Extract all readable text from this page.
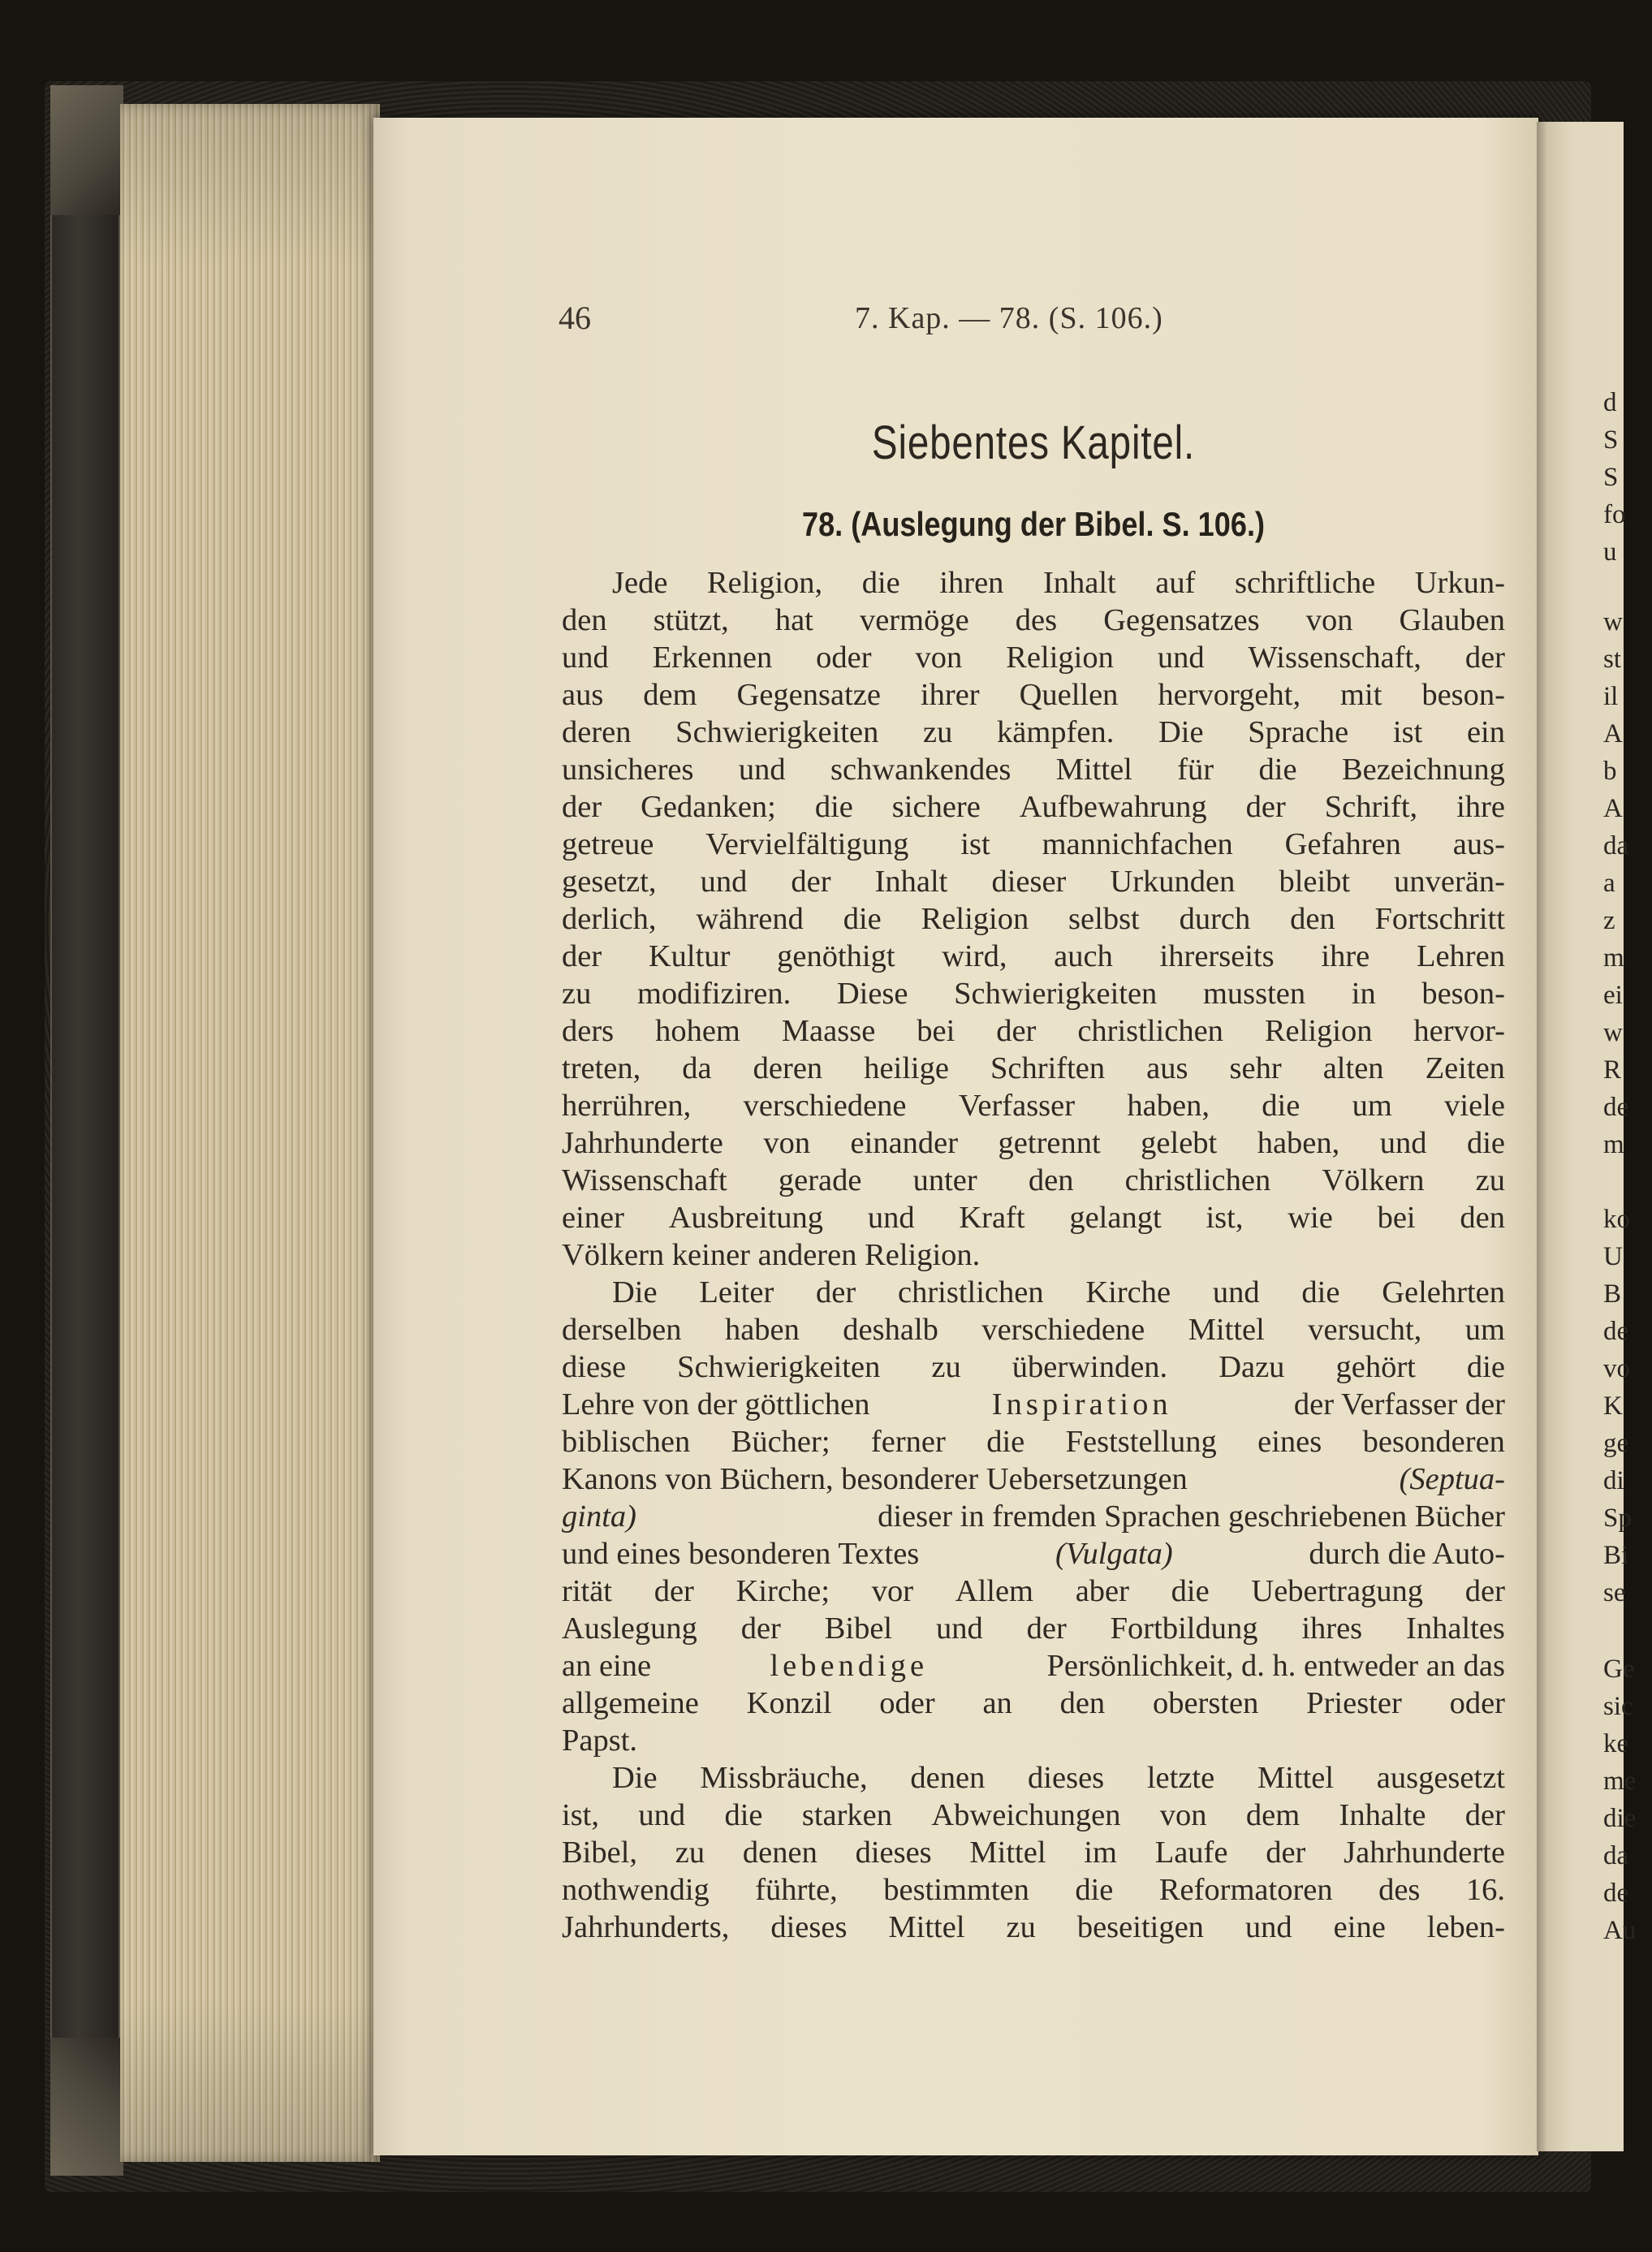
d
S
S
fo
u
w
st
il
A
b
A
da
a
z
m
ei
w
R
de
m
ko
U
B
de
vo
K
ge
di
Sp
Bi
se
Ge
sic
ke
me
die
da
de
Au
46	7. Kap. — 78. (S. 106.)
Siebentes Kapitel.
78. (Auslegung der Bibel. S. 106.)
Jede Religion, die ihren Inhalt auf schriftliche Urkun-
den stützt, hat vermöge des Gegensatzes von Glauben
und Erkennen oder von Religion und Wissenschaft, der
aus dem Gegensatze ihrer Quellen hervorgeht, mit beson-
deren Schwierigkeiten zu kämpfen. Die Sprache ist ein
unsicheres und schwankendes Mittel für die Bezeichnung
der Gedanken; die sichere Aufbewahrung der Schrift, ihre
getreue Vervielfältigung ist mannichfachen Gefahren aus-
gesetzt, und der Inhalt dieser Urkunden bleibt unverän-
derlich, während die Religion selbst durch den Fortschritt
der Kultur genöthigt wird, auch ihrerseits ihre Lehren
zu modifiziren. Diese Schwierigkeiten mussten in beson-
ders hohem Maasse bei der christlichen Religion hervor-
treten, da deren heilige Schriften aus sehr alten Zeiten
herrühren, verschiedene Verfasser haben, die um viele
Jahrhunderte von einander getrennt gelebt haben, und die
Wissenschaft gerade unter den christlichen Völkern zu
einer Ausbreitung und Kraft gelangt ist, wie bei den
Völkern keiner anderen Religion.
Die Leiter der christlichen Kirche und die Gelehrten
derselben haben deshalb verschiedene Mittel versucht, um
diese Schwierigkeiten zu überwinden. Dazu gehört die
Lehre von der göttlichen	Inspiration	der Verfasser der
biblischen Bücher; ferner die Feststellung eines besonderen
Kanons von Büchern, besonderer Uebersetzungen	(Septua-
ginta)	dieser in fremden Sprachen geschriebenen Bücher
und eines besonderen Textes	(Vulgata)	durch die Auto-
rität der Kirche; vor Allem aber die Uebertragung der
Auslegung der Bibel und der Fortbildung ihres Inhaltes
an eine	lebendige	Persönlichkeit, d. h. entweder an das
allgemeine Konzil oder an den obersten Priester oder
Papst.
Die Missbräuche, denen dieses letzte Mittel ausgesetzt
ist, und die starken Abweichungen von dem Inhalte der
Bibel, zu denen dieses Mittel im Laufe der Jahrhunderte
nothwendig führte, bestimmten die Reformatoren des 16.
Jahrhunderts, dieses Mittel zu beseitigen und eine leben-
